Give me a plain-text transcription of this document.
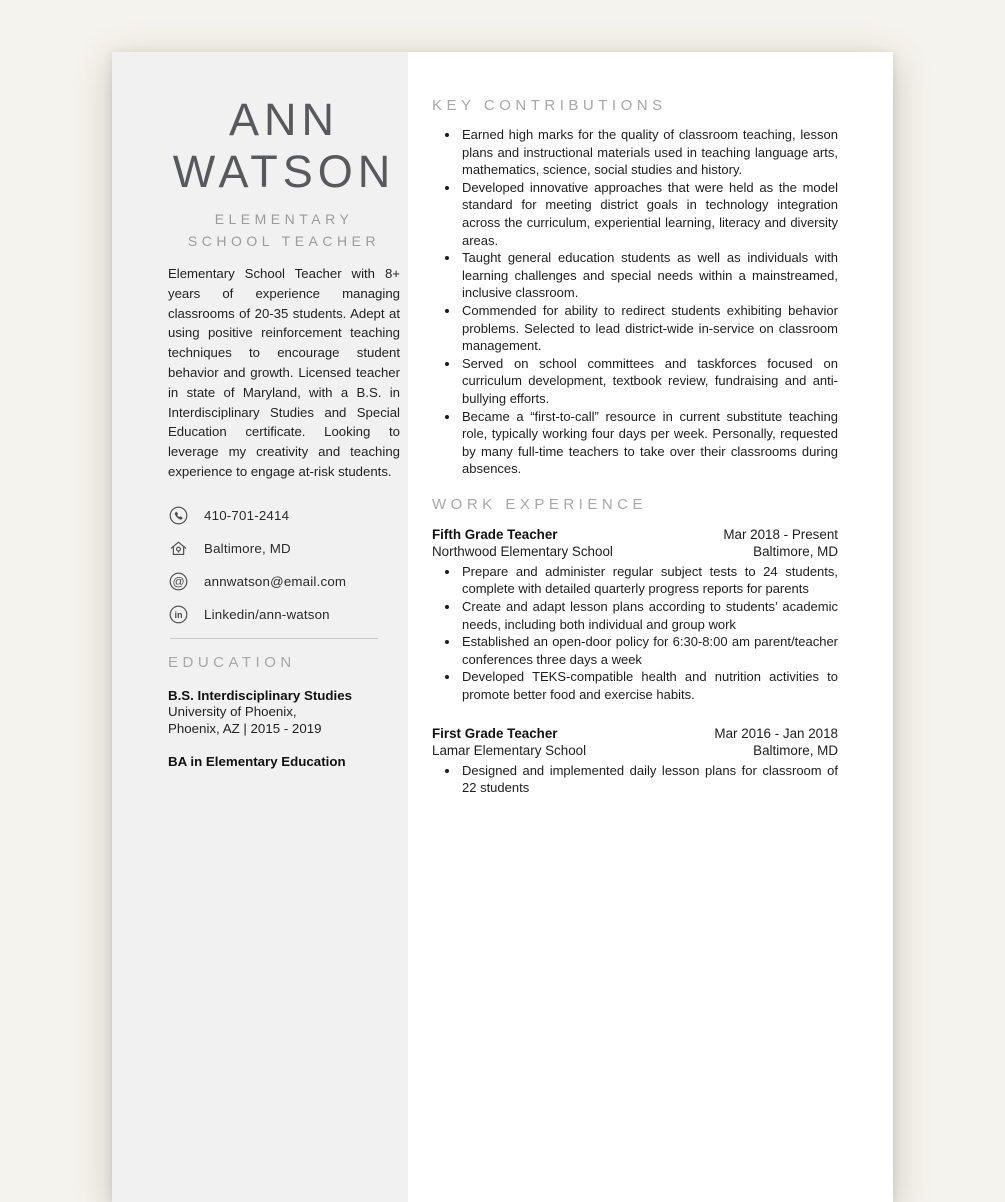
ANN
WATSON
ELEMENTARY
SCHOOL TEACHER
Elementary School Teacher with 8+ years of experience managing classrooms of 20-35 students. Adept at using positive reinforcement teaching techniques to encourage student behavior and growth. Licensed teacher in state of Maryland, with a B.S. in Interdisciplinary Studies and Special Education certificate. Looking to leverage my creativity and teaching experience to engage at-risk students.
410-701-2414
Baltimore, MD
@ annwatson@email.com
in Linkedin/ann-watson
EDUCATION
B.S. Interdisciplinary Studies
University of Phoenix,
Phoenix, AZ | 2015 - 2019
BA in Elementary Education
KEY CONTRIBUTIONS
• Earned high marks for the quality of classroom teaching, lesson plans and instructional materials used in teaching language arts, mathematics, science, social studies and history.
• Developed innovative approaches that were held as the model standard for meeting district goals in technology integration across the curriculum, experiential learning, literacy and diversity areas.
• Taught general education students as well as individuals with learning challenges and special needs within a mainstreamed, inclusive classroom.
• Commended for ability to redirect students exhibiting behavior problems. Selected to lead district-wide in-service on classroom management.
• Served on school committees and taskforces focused on curriculum development, textbook review, fundraising and anti-bullying efforts.
• Became a “first-to-call” resource in current substitute teaching role, typically working four days per week. Personally, requested by many full-time teachers to take over their classrooms during absences.
WORK EXPERIENCE
Fifth Grade Teacher	Mar 2018 - Present
Northwood Elementary School	Baltimore, MD
• Prepare and administer regular subject tests to 24 students, complete with detailed quarterly progress reports for parents
• Create and adapt lesson plans according to students’ academic needs, including both individual and group work
• Established an open-door policy for 6:30-8:00 am parent/teacher conferences three days a week
• Developed TEKS-compatible health and nutrition activities to promote better food and exercise habits.
First Grade Teacher	Mar 2016 - Jan 2018
Lamar Elementary School	Baltimore, MD
• Designed and implemented daily lesson plans for classroom of 22 students
